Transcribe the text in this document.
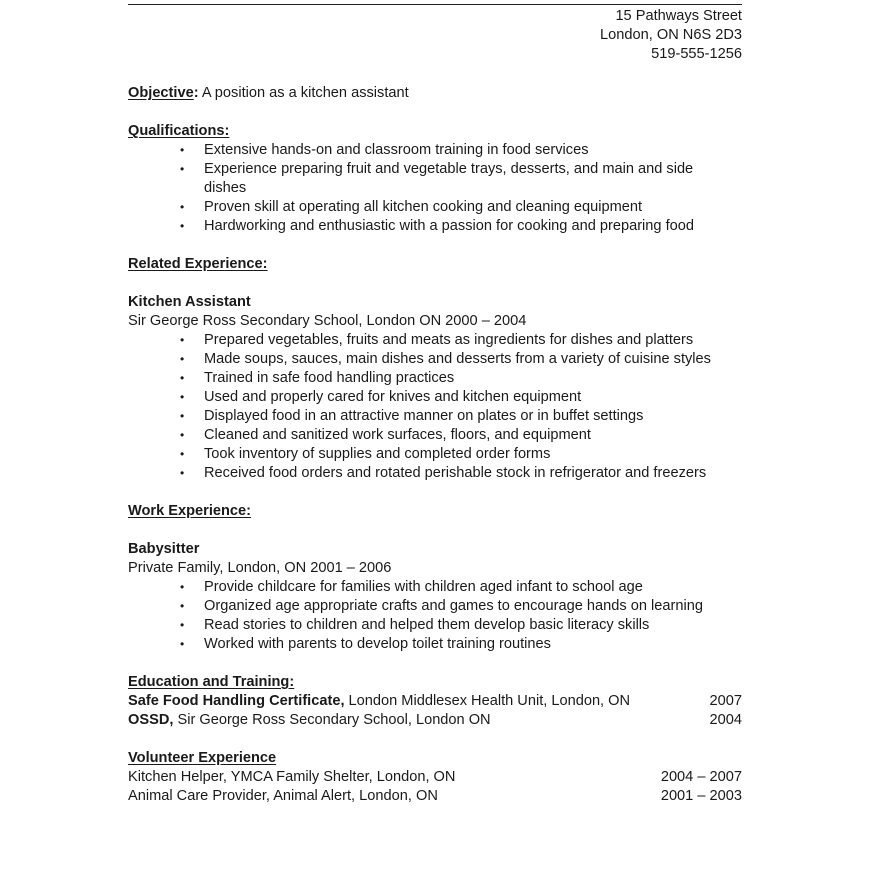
15 Pathways Street
London, ON N6S 2D3
519-555-1256
Objective: A position as a kitchen assistant
Qualifications:
• Extensive hands-on and classroom training in food services
• Experience preparing fruit and vegetable trays, desserts, and main and side dishes
• Proven skill at operating all kitchen cooking and cleaning equipment
• Hardworking and enthusiastic with a passion for cooking and preparing food
Related Experience:
Kitchen Assistant
Sir George Ross Secondary School, London ON 2000 – 2004
• Prepared vegetables, fruits and meats as ingredients for dishes and platters
• Made soups, sauces, main dishes and desserts from a variety of cuisine styles
• Trained in safe food handling practices
• Used and properly cared for knives and kitchen equipment
• Displayed food in an attractive manner on plates or in buffet settings
• Cleaned and sanitized work surfaces, floors, and equipment
• Took inventory of supplies and completed order forms
• Received food orders and rotated perishable stock in refrigerator and freezers
Work Experience:
Babysitter
Private Family, London, ON 2001 – 2006
• Provide childcare for families with children aged infant to school age
• Organized age appropriate crafts and games to encourage hands on learning
• Read stories to children and helped them develop basic literacy skills
• Worked with parents to develop toilet training routines
Education and Training:
Safe Food Handling Certificate, London Middlesex Health Unit, London, ON	2007
OSSD, Sir George Ross Secondary School, London ON	2004
Volunteer Experience
Kitchen Helper, YMCA Family Shelter, London, ON	2004 – 2007
Animal Care Provider, Animal Alert, London, ON	2001 – 2003
